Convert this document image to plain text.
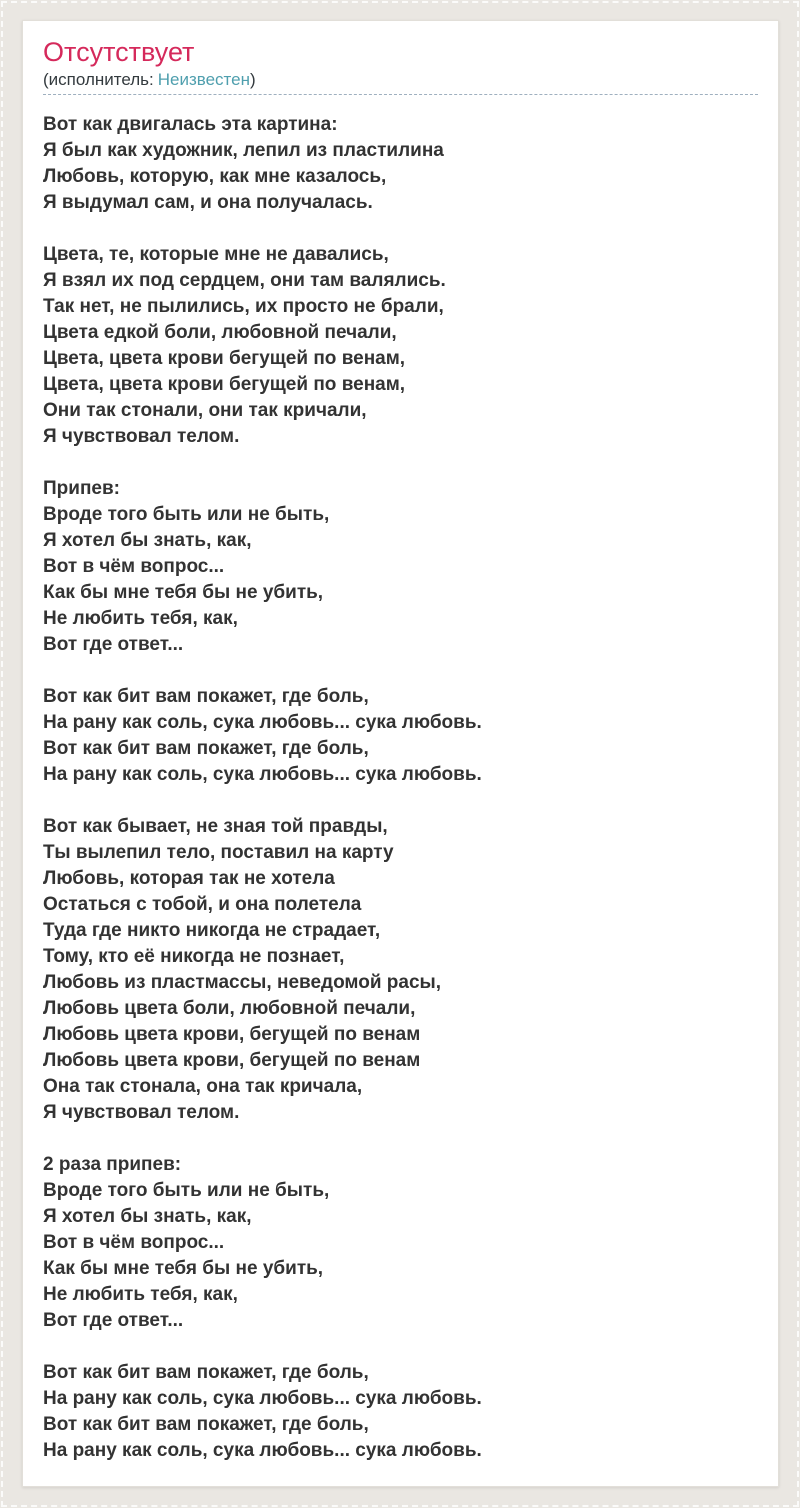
Отсутствует
(исполнитель: Неизвестен)
Вот как двигалась эта картина:
Я был как художник, лепил из пластилина
Любовь, которую, как мне казалось,
Я выдумал сам, и она получалась.

Цвета, те, которые мне не давались,
Я взял их под сердцем, они там валялись.
Так нет, не пылились, их просто не брали,
Цвета едкой боли, любовной печали,
Цвета, цвета крови бегущей по венам,
Цвета, цвета крови бегущей по венам,
Они так стонали, они так кричали,
Я чувствовал телом.

Припев:
Вроде того быть или не быть,
Я хотел бы знать, как,
Вот в чём вопрос...
Как бы мне тебя бы не убить,
Не любить тебя, как,
Вот где ответ...

Вот как бит вам покажет, где боль,
На рану как соль, сука любовь... сука любовь.
Вот как бит вам покажет, где боль,
На рану как соль, сука любовь... сука любовь.

Вот как бывает, не зная той правды,
Ты вылепил тело, поставил на карту
Любовь, которая так не хотела
Остаться с тобой, и она полетела
Туда где никто никогда не страдает,
Тому, кто её никогда не познает,
Любовь из пластмассы, неведомой расы,
Любовь цвета боли, любовной печали,
Любовь цвета крови, бегущей по венам
Любовь цвета крови, бегущей по венам
Она так стонала, она так кричала,
Я чувствовал телом.

2 раза припев:
Вроде того быть или не быть,
Я хотел бы знать, как,
Вот в чём вопрос...
Как бы мне тебя бы не убить,
Не любить тебя, как,
Вот где ответ...

Вот как бит вам покажет, где боль,
На рану как соль, сука любовь... сука любовь.
Вот как бит вам покажет, где боль,
На рану как соль, сука любовь... сука любовь.
